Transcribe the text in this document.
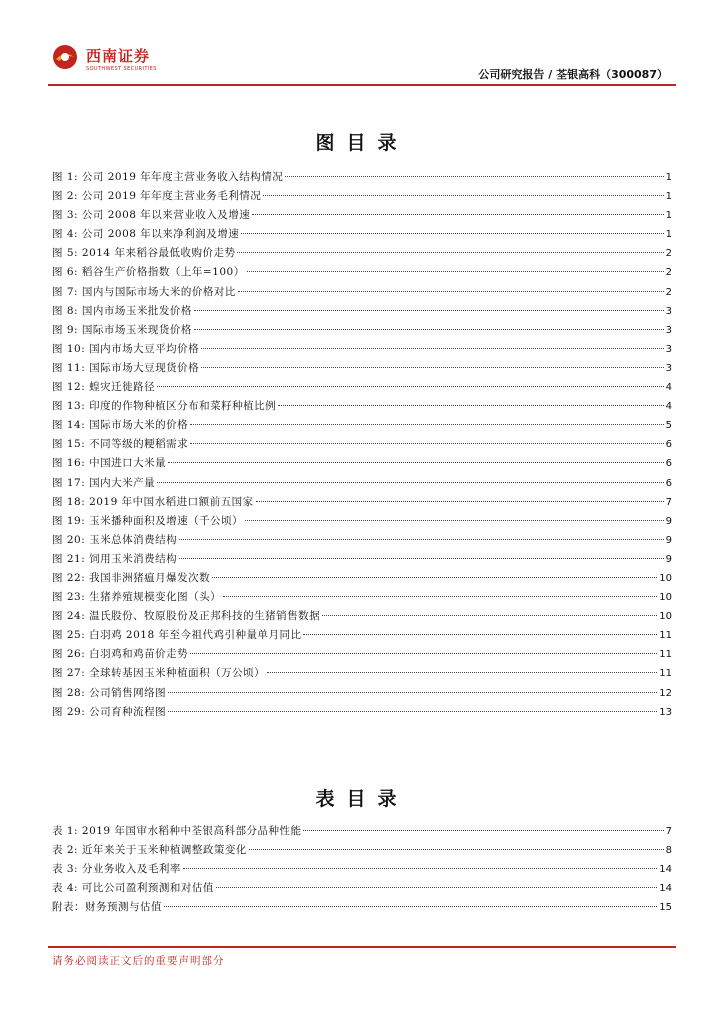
西南证券
SOUTHWEST SECURITIES	公司研究报告 / 荃银高科（300087）
图目录
图 1: 公司 2019 年年度主营业务收入结构情况	1
图 2: 公司 2019 年年度主营业务毛利情况	1
图 3: 公司 2008 年以来营业收入及增速	1
图 4: 公司 2008 年以来净利润及增速	1
图 5: 2014 年来稻谷最低收购价走势	2
图 6: 稻谷生产价格指数（上年=100）	2
图 7: 国内与国际市场大米的价格对比	2
图 8: 国内市场玉米批发价格	3
图 9: 国际市场玉米现货价格	3
图 10: 国内市场大豆平均价格	3
图 11: 国际市场大豆现货价格	3
图 12: 蝗灾迁徙路径	4
图 13: 印度的作物种植区分布和菜籽种植比例	4
图 14: 国际市场大米的价格	5
图 15: 不同等级的粳稻需求	6
图 16: 中国进口大米量	6
图 17: 国内大米产量	6
图 18: 2019 年中国水稻进口额前五国家	7
图 19: 玉米播种面积及增速（千公顷）	9
图 20: 玉米总体消费结构	9
图 21: 饲用玉米消费结构	9
图 22: 我国非洲猪瘟月爆发次数	10
图 23: 生猪养殖规模变化图（头）	10
图 24: 温氏股份、牧原股份及正邦科技的生猪销售数据	10
图 25: 白羽鸡 2018 年至今祖代鸡引种量单月同比	11
图 26: 白羽鸡和鸡苗价走势	11
图 27: 全球转基因玉米种植面积（万公顷）	11
图 28: 公司销售网络图	12
图 29: 公司育种流程图	13
表目录
表 1: 2019 年国审水稻种中荃银高科部分品种性能	7
表 2: 近年来关于玉米种植调整政策变化	8
表 3: 分业务收入及毛利率	14
表 4: 可比公司盈利预测和对估值	14
附表：财务预测与估值	15
请务必阅读正文后的重要声明部分
